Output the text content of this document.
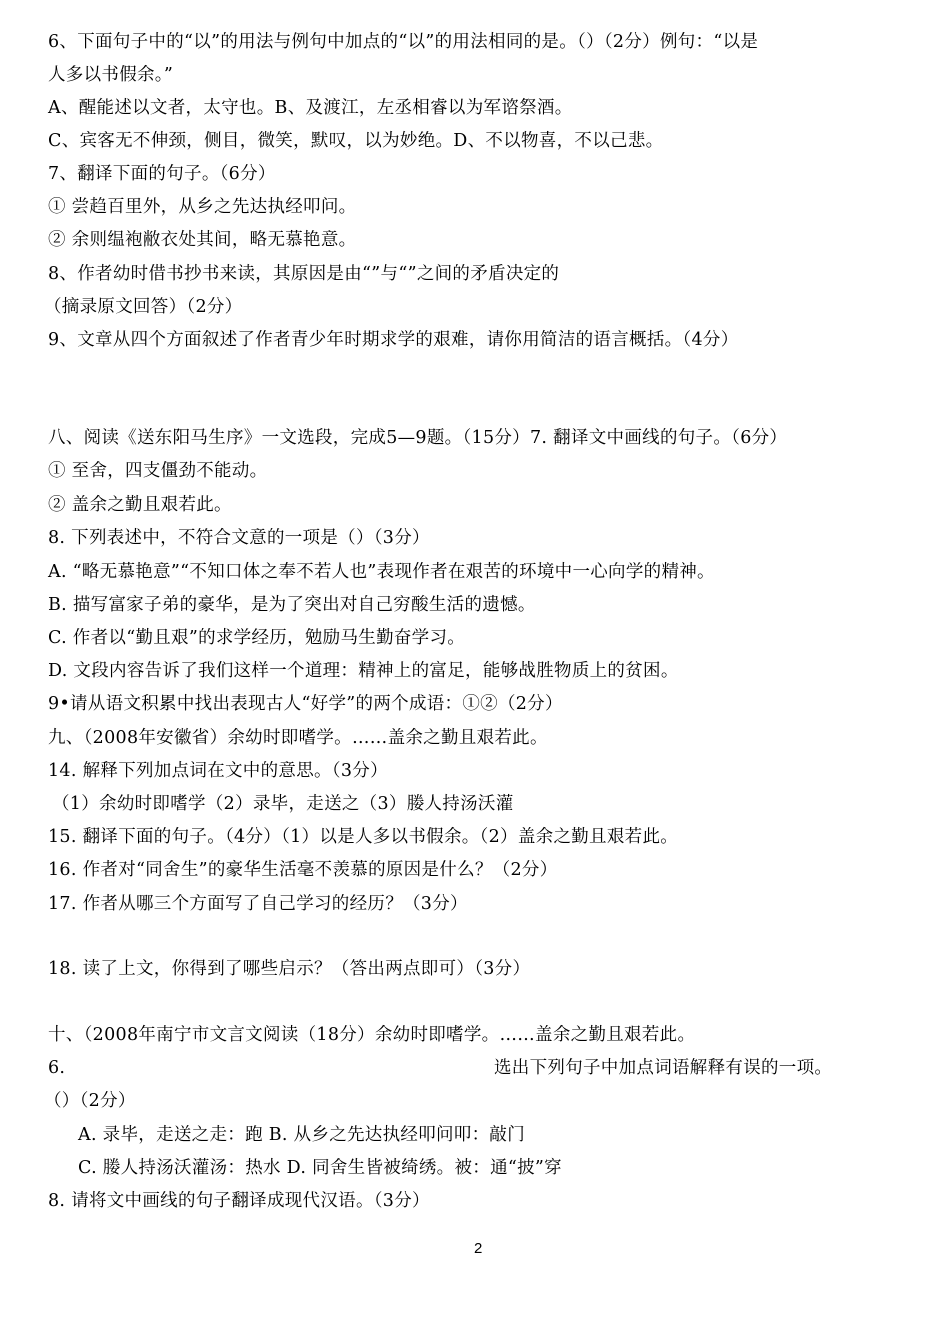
6、下面句子中的“以”的用法与例句中加点的“以”的用法相同的是。（）（2分）例句：“以是
人多以书假余。”
A、醒能述以文者，太守也。B、及渡江，左丞相睿以为军谘祭酒。
C、宾客无不伸颈，侧目，微笑，默叹，以为妙绝。D、不以物喜，不以己悲。
7、翻译下面的句子。（6分）
① 尝趋百里外，从乡之先达执经叩问。
② 余则缊袍敝衣处其间，略无慕艳意。
8、作者幼时借书抄书来读，其原因是由“”与“”之间的矛盾决定的
（摘录原文回答）（2分）
9、文章从四个方面叙述了作者青少年时期求学的艰难，请你用简洁的语言概括。（4分）
八、阅读《送东阳马生序》一文选段，完成5—9题。（15分）7. 翻译文中画线的句子。（6分）
① 至舍，四支僵劲不能动。
② 盖余之勤且艰若此。
8. 下列表述中，不符合文意的一项是（）（3分）
A. “略无慕艳意”“不知口体之奉不若人也”表现作者在艰苦的环境中一心向学的精神。
B. 描写富家子弟的豪华，是为了突出对自己穷酸生活的遗憾。
C. 作者以“勤且艰”的求学经历，勉励马生勤奋学习。
D. 文段内容告诉了我们这样一个道理：精神上的富足，能够战胜物质上的贫困。
9•请从语文积累中找出表现古人“好学”的两个成语：①②（2分）
九、（2008年安徽省）余幼时即嗜学。……盖余之勤且艰若此。
14. 解释下列加点词在文中的意思。（3分）
（1）余幼时即嗜学（2）录毕，走送之（3）媵人持汤沃灌
15. 翻译下面的句子。（4分）（1）以是人多以书假余。（2）盖余之勤且艰若此。
16. 作者对“同舍生”的豪华生活毫不羡慕的原因是什么？（2分）
17. 作者从哪三个方面写了自己学习的经历？（3分）
18. 读了上文，你得到了哪些启示？（答出两点即可）（3分）
十、（2008年南宁市文言文阅读（18分）余幼时即嗜学。……盖余之勤且艰若此。
6.	选出下列句子中加点词语解释有误的一项。
（）（2分）
A. 录毕，走送之走：跑 B. 从乡之先达执经叩问叩：敲门
C. 媵人持汤沃灌汤：热水 D. 同舍生皆被绮绣。被：通“披”穿
8. 请将文中画线的句子翻译成现代汉语。（3分）
2
